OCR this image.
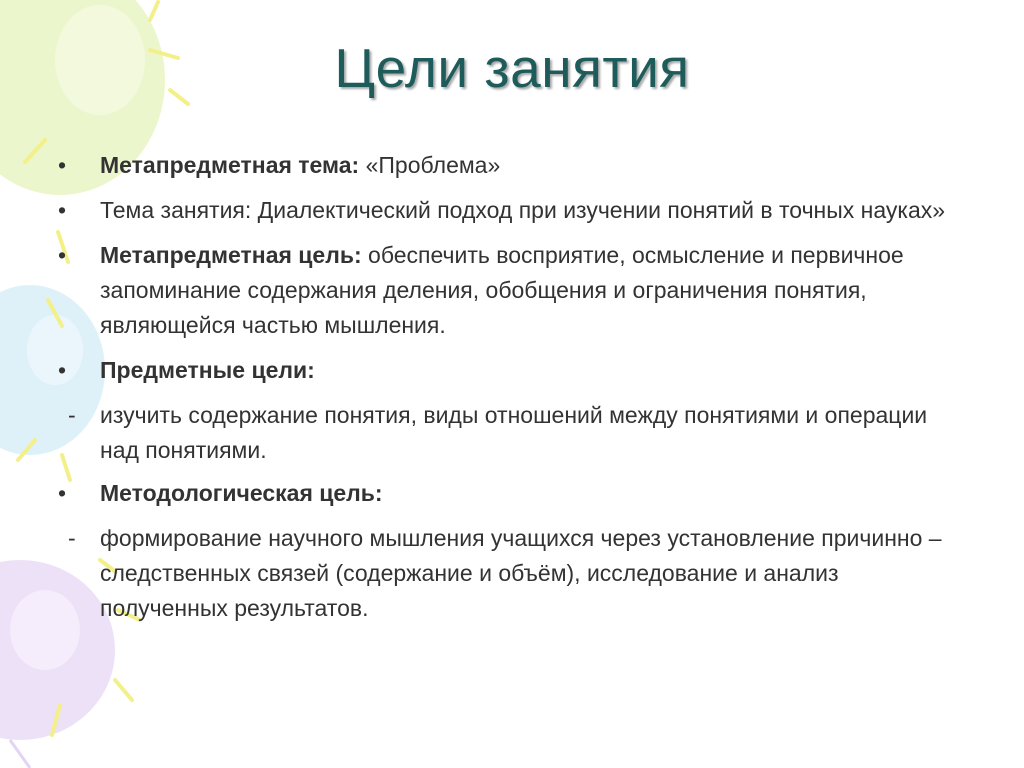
Цели занятия
•	Метапредметная тема: «Проблема»
•	Тема занятия: Диалектический подход при изучении понятий в точных науках»
•	Метапредметная цель: обеспечить восприятие, осмысление и первичное запоминание содержания деления, обобщения и ограничения понятия, являющейся частью мышления.
•	Предметные цели:
-	изучить содержание понятия, виды отношений между понятиями и операции над понятиями.
•	Методологическая цель:
-	формирование научного мышления учащихся через установление причинно – следственных связей (содержание и объём), исследование и анализ полученных результатов.
